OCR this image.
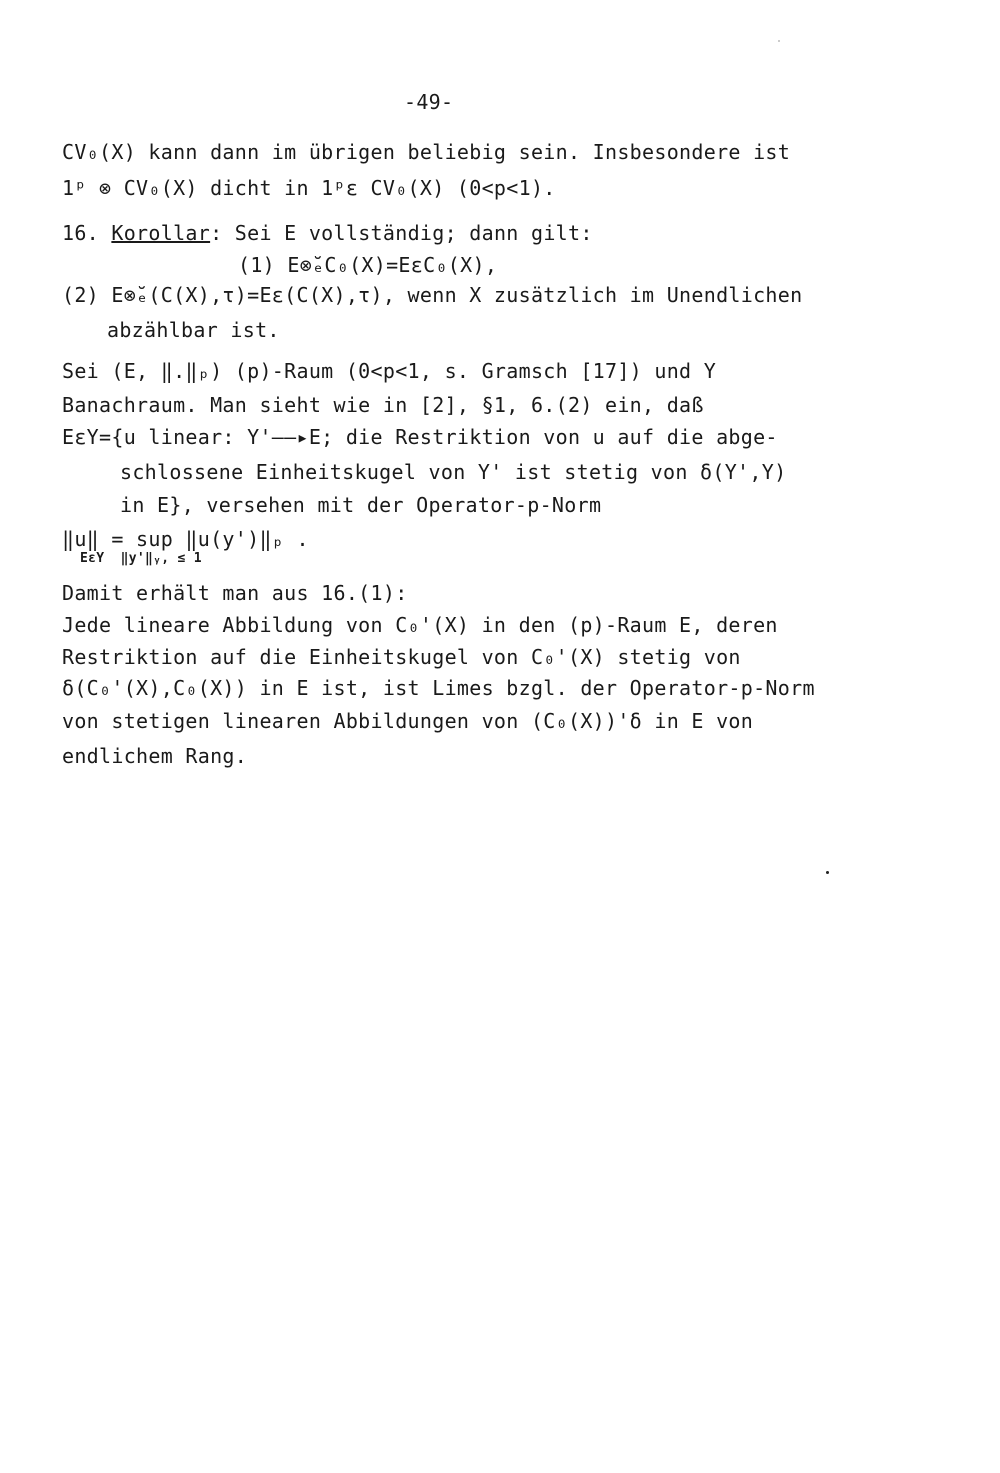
-49-
CV₀(X) kann dann im übrigen beliebig sein. Insbesondere ist
1ᵖ ⊗ CV₀(X) dicht in 1ᵖε CV₀(X) (0<p<1).
16. Korollar: Sei E vollständig; dann gilt:
(1) E⊗̆ₑC₀(X)=EεC₀(X),
(2) E⊗̆ₑ(C(X),τ)=Eε(C(X),τ), wenn X zusätzlich im Unendlichen
abzählbar ist.
Sei (E, ‖.‖ₚ) (p)-Raum (0<p<1, s. Gramsch [17]) und Y
Banachraum. Man sieht wie in [2], §1, 6.(2) ein, daß
EεY={u linear: Y'——▸E; die Restriktion von u auf die abge-
schlossene Einheitskugel von Y' ist stetig von δ(Y',Y)
in E}, versehen mit der Operator-p-Norm
‖u‖ = sup ‖u(y')‖ₚ .
EεY  ‖y'‖ᵧ, ≤ 1
Damit erhält man aus 16.(1):
Jede lineare Abbildung von C₀'(X) in den (p)-Raum E, deren
Restriktion auf die Einheitskugel von C₀'(X) stetig von
δ(C₀'(X),C₀(X)) in E ist, ist Limes bzgl. der Operator-p-Norm
von stetigen linearen Abbildungen von (C₀(X))'δ in E von
endlichem Rang.
